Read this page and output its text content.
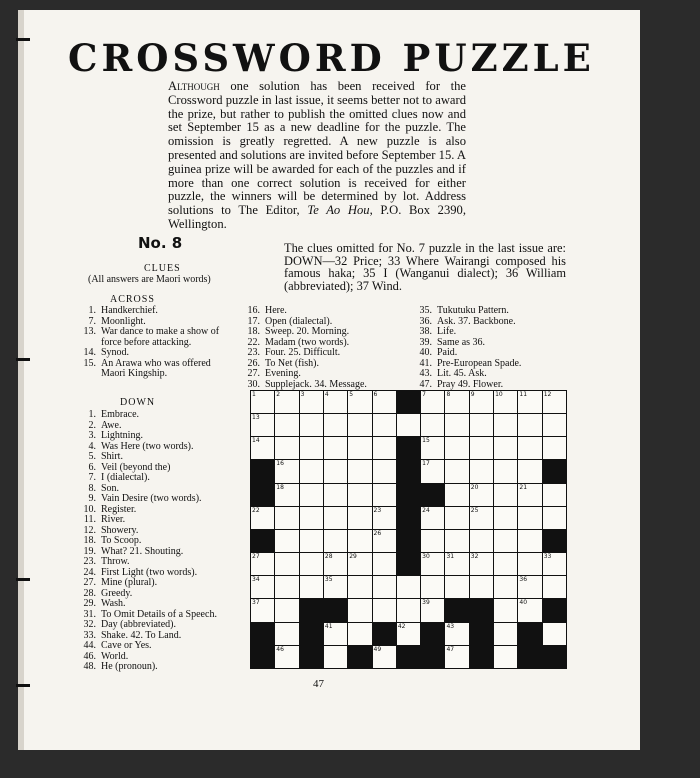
CROSSWORD PUZZLE

Although one solution has been received for the Crossword puzzle in last issue, it seems better not to award the prize, but rather to publish the omitted clues now and set September 15 as a new deadline for the puzzle. The omission is greatly regretted. A new puzzle is also presented and solutions are invited before September 15. A guinea prize will be awarded for each of the puzzles and if more than one correct solution is received for either puzzle, the winners will be determined by lot. Address solutions to The Editor, Te Ao Hou, P.O. Box 2390, Wellington.

No. 8
CLUES
(All answers are Maori words)

The clues omitted for No. 7 puzzle in the last issue are: DOWN—32 Price; 33 Where Wairangi composed his famous haka; 35 I (Wanganui dialect); 36 William (abbreviated); 37 Wind.

ACROSS
1. Handkerchief.
7. Moonlight.
13. War dance to make a show of force before attacking.
14. Synod.
15. An Arawa who was offered Maori Kingship.
DOWN
1. Embrace.
2. Awe.
3. Lightning.
4. Was Here (two words).
5. Shirt.
6. Veil (beyond the)
7. I (dialectal).
8. Son.
9. Vain Desire (two words).
10. Register.
11. River.
12. Showery.
18. To Scoop.
19. What? 21. Shouting.
23. Throw.
24. First Light (two words).
27. Mine (plural).
28. Greedy.
29. Wash.
31. To Omit Details of a Speech.
32. Day (abbreviated).
33. Shake. 42. To Land.
44. Cave or Yes.
46. World.
48. He (pronoun).
16. Here.
17. Open (dialectal).
18. Sweep. 20. Morning.
22. Madam (two words).
23. Four. 25. Difficult.
26. To Net (fish).
27. Evening.
30. Supplejack. 34. Message.
35. Tukutuku Pattern.
36. Ask. 37. Backbone.
38. Life.
39. Same as 36.
40. Paid.
41. Pre-European Spade.
43. Lit. 45. Ask.
47. Pray 49. Flower.
1	2	3	4	5	6	7	8	9	10	11	12
13
14	15
16	17
18	20	21
22	23	24	25
26
27	28	29	30	31	32	33
34	35	36
37	39	40
41	42	43
46	49	47
47
